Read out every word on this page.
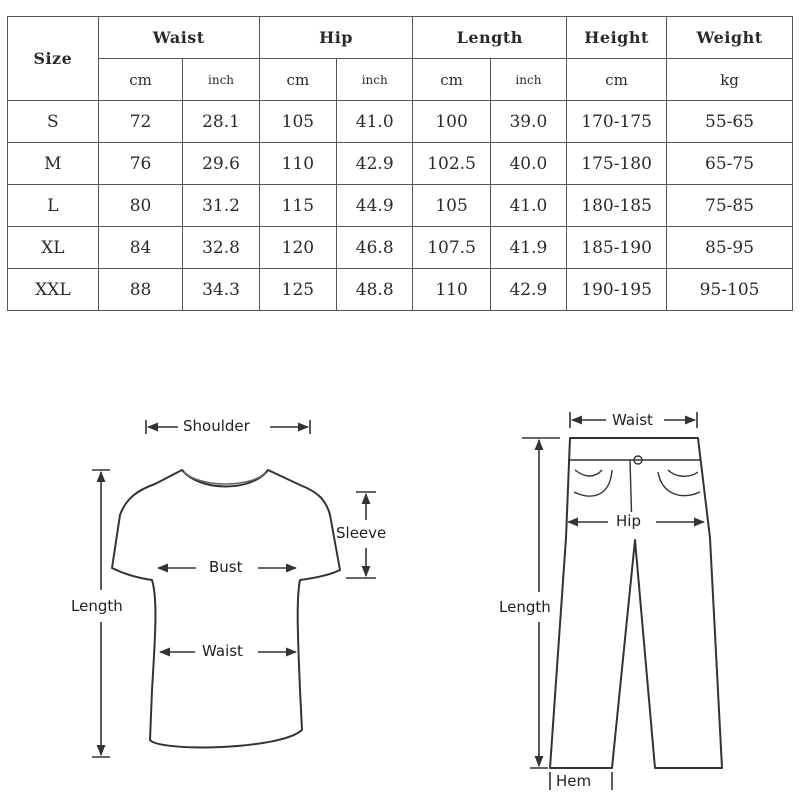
Size	Waist		Hip		Length		Height	Weight
	cm	inch	cm	inch	cm	inch	cm	kg
S	72	28.1	105	41.0	100	39.0	170-175	55-65
M	76	29.6	110	42.9	102.5	40.0	175-180	65-75
L	80	31.2	115	44.9	105	41.0	180-185	75-85
XL	84	32.8	120	46.8	107.5	41.9	185-190	85-95
XXL	88	34.3	125	48.8	110	42.9	190-195	95-105
Shoulder
Sleeve
Bust
Length
Waist
Waist
Hip
Length
Hem
